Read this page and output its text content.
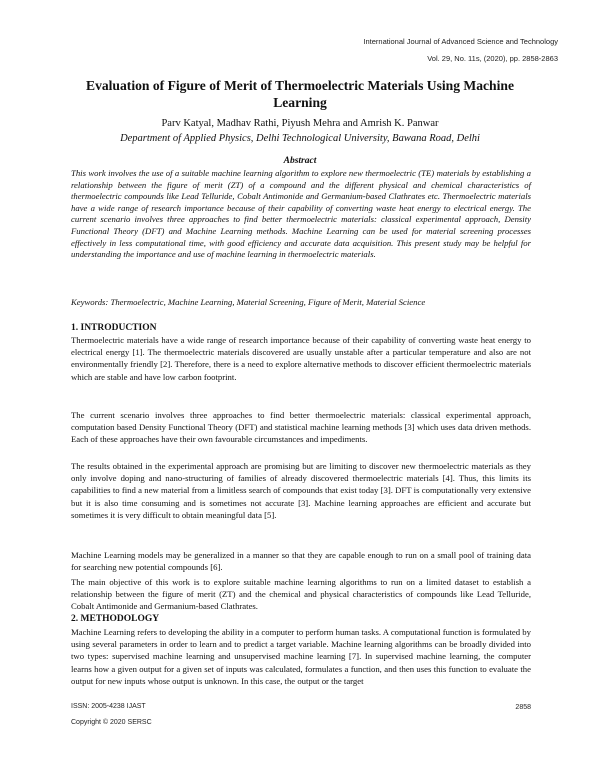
International Journal of Advanced Science and Technology
Vol. 29, No. 11s, (2020), pp. 2858-2863
Evaluation of Figure of Merit of Thermoelectric Materials Using Machine Learning
Parv Katyal, Madhav Rathi, Piyush Mehra and Amrish K. Panwar
Department of Applied Physics, Delhi Technological University, Bawana Road, Delhi
Abstract
This work involves the use of a suitable machine learning algorithm to explore new thermoelectric (TE) materials by establishing a relationship between the figure of merit (ZT) of a compound and the different physical and chemical characteristics of thermoelectric compounds like Lead Telluride, Cobalt Antimonide and Germanium-based Clathrates etc. Thermoelectric materials have a wide range of research importance because of their capability of converting waste heat energy to electrical energy. The current scenario involves three approaches to find better thermoelectric materials: classical experimental approach, Density Functional Theory (DFT) and Machine Learning methods. Machine Learning can be used for material screening processes effectively in less computational time, with good efficiency and accurate data acquisition. This present study may be helpful for understanding the importance and use of machine learning in thermoelectric materials.
Keywords: Thermoelectric, Machine Learning, Material Screening, Figure of Merit, Material Science
1. INTRODUCTION
Thermoelectric materials have a wide range of research importance because of their capability of converting waste heat energy to electrical energy [1]. The thermoelectric materials discovered are usually unstable after a particular temperature and also are not environmentally friendly [2]. Therefore, there is a need to explore alternative methods to discover efficient thermoelectric materials which are stable and have low carbon footprint.
The current scenario involves three approaches to find better thermoelectric materials: classical experimental approach, computation based Density Functional Theory (DFT) and statistical machine learning methods [3] which uses data driven methods. Each of these approaches have their own favourable circumstances and impediments.
The results obtained in the experimental approach are promising but are limiting to discover new thermoelectric materials as they only involve doping and nano-structuring of families of already discovered thermoelectric materials [4]. Thus, this limits its capabilities to find a new material from a limitless search of compounds that exist today [3]. DFT is computationally very extensive but it is also time consuming and is sometimes not accurate [3]. Machine learning approaches are efficient and accurate but sometimes it is very difficult to obtain meaningful data [5].
Machine Learning models may be generalized in a manner so that they are capable enough to run on a small pool of training data for searching new potential compounds [6].
The main objective of this work is to explore suitable machine learning algorithms to run on a limited dataset to establish a relationship between the figure of merit (ZT) and the chemical and physical characteristics of compounds like Lead Telluride, Cobalt Antimonide and Germanium-based Clathrates.
2. METHODOLOGY
Machine Learning refers to developing the ability in a computer to perform human tasks. A computational function is formulated by using several parameters in order to learn and to predict a target variable. Machine learning algorithms can be broadly divided into two types: supervised machine learning and unsupervised machine learning [7]. In supervised machine learning, the computer learns how a given output for a given set of inputs was calculated, formulates a function, and then uses this function to evaluate the output for new inputs whose output is unknown. In this case, the output or the target
ISSN: 2005-4238 IJAST	2858
Copyright © 2020 SERSC
